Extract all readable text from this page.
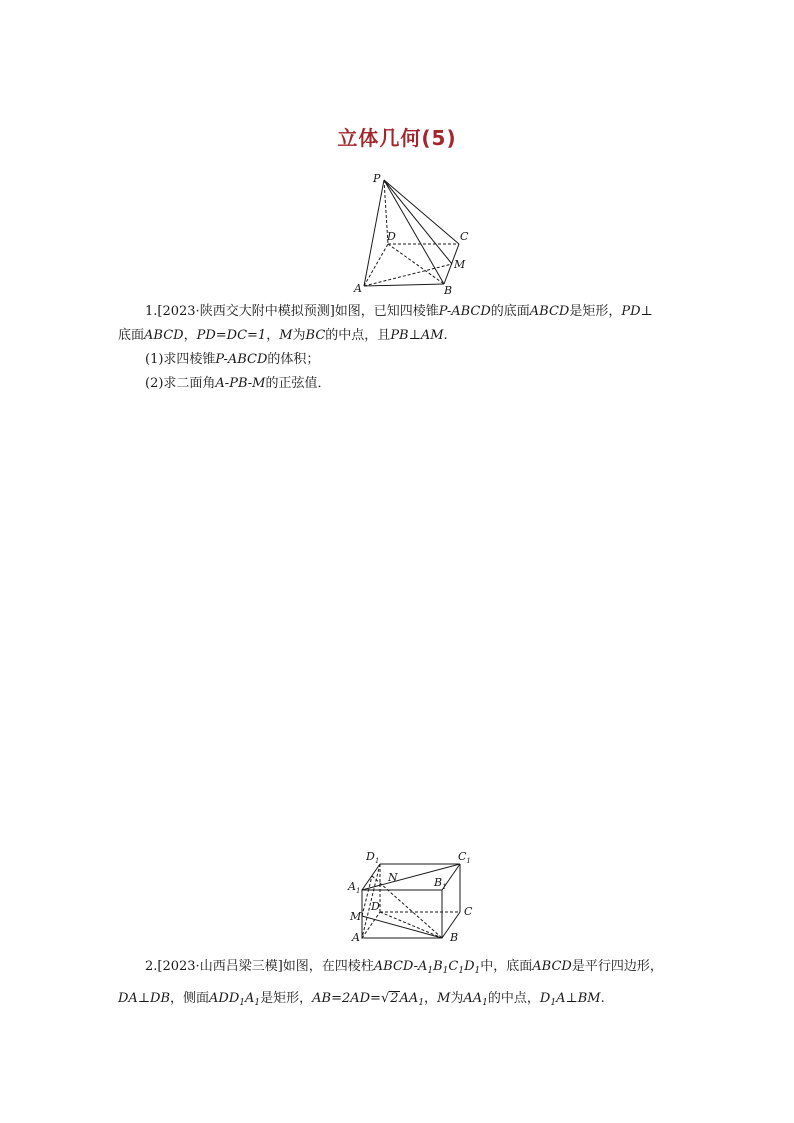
立体几何(5)
P
D	C
M
A	B
1.[2023·陕西交大附中模拟预测]如图，已知四棱锥P-ABCD的底面ABCD是矩形，PD⊥
底面ABCD，PD=DC=1，M为BC的中点，且PB⊥AM.
(1)求四棱锥P-ABCD的体积；
(2)求二面角A-PB-M的正弦值．
$D_1$	$C_1$
$A_1$
$B_1$
N
D	C
M
A	B
2.[2023·山西吕梁三模]如图，在四棱柱ABCD-$A_1B_1C_1D_1$中，底面ABCD是平行四边形，
DA⊥DB，侧面$ADD_1A_1$是矩形，$AB=2AD=√2AA_1$，M为$AA_1$的中点，$D_1A\perp BM$.
